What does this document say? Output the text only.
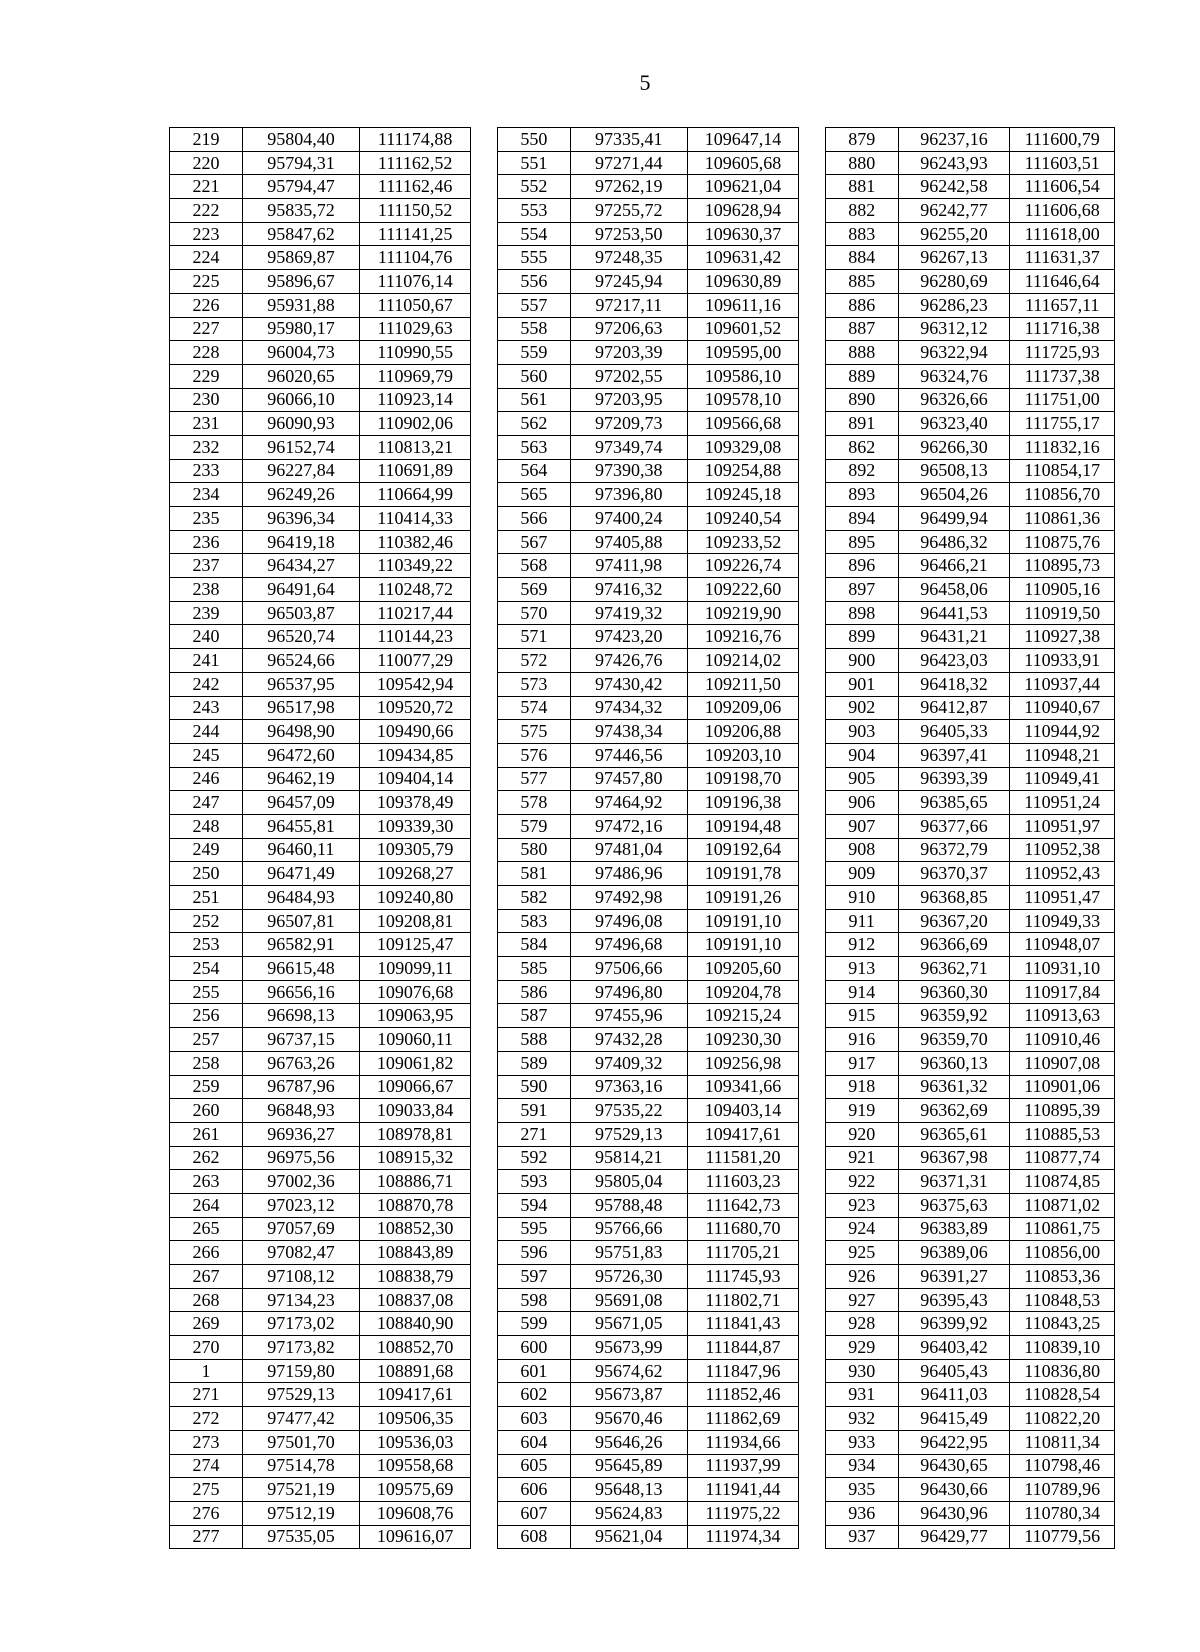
5
219	95804,40	111174,88		550	97335,41	109647,14		879	96237,16	111600,79
220	95794,31	111162,52		551	97271,44	109605,68		880	96243,93	111603,51
221	95794,47	111162,46		552	97262,19	109621,04		881	96242,58	111606,54
222	95835,72	111150,52		553	97255,72	109628,94		882	96242,77	111606,68
223	95847,62	111141,25		554	97253,50	109630,37		883	96255,20	111618,00
224	95869,87	111104,76		555	97248,35	109631,42		884	96267,13	111631,37
225	95896,67	111076,14		556	97245,94	109630,89		885	96280,69	111646,64
226	95931,88	111050,67		557	97217,11	109611,16		886	96286,23	111657,11
227	95980,17	111029,63		558	97206,63	109601,52		887	96312,12	111716,38
228	96004,73	110990,55		559	97203,39	109595,00		888	96322,94	111725,93
229	96020,65	110969,79		560	97202,55	109586,10		889	96324,76	111737,38
230	96066,10	110923,14		561	97203,95	109578,10		890	96326,66	111751,00
231	96090,93	110902,06		562	97209,73	109566,68		891	96323,40	111755,17
232	96152,74	110813,21		563	97349,74	109329,08		862	96266,30	111832,16
233	96227,84	110691,89		564	97390,38	109254,88		892	96508,13	110854,17
234	96249,26	110664,99		565	97396,80	109245,18		893	96504,26	110856,70
235	96396,34	110414,33		566	97400,24	109240,54		894	96499,94	110861,36
236	96419,18	110382,46		567	97405,88	109233,52		895	96486,32	110875,76
237	96434,27	110349,22		568	97411,98	109226,74		896	96466,21	110895,73
238	96491,64	110248,72		569	97416,32	109222,60		897	96458,06	110905,16
239	96503,87	110217,44		570	97419,32	109219,90		898	96441,53	110919,50
240	96520,74	110144,23		571	97423,20	109216,76		899	96431,21	110927,38
241	96524,66	110077,29		572	97426,76	109214,02		900	96423,03	110933,91
242	96537,95	109542,94		573	97430,42	109211,50		901	96418,32	110937,44
243	96517,98	109520,72		574	97434,32	109209,06		902	96412,87	110940,67
244	96498,90	109490,66		575	97438,34	109206,88		903	96405,33	110944,92
245	96472,60	109434,85		576	97446,56	109203,10		904	96397,41	110948,21
246	96462,19	109404,14		577	97457,80	109198,70		905	96393,39	110949,41
247	96457,09	109378,49		578	97464,92	109196,38		906	96385,65	110951,24
248	96455,81	109339,30		579	97472,16	109194,48		907	96377,66	110951,97
249	96460,11	109305,79		580	97481,04	109192,64		908	96372,79	110952,38
250	96471,49	109268,27		581	97486,96	109191,78		909	96370,37	110952,43
251	96484,93	109240,80		582	97492,98	109191,26		910	96368,85	110951,47
252	96507,81	109208,81		583	97496,08	109191,10		911	96367,20	110949,33
253	96582,91	109125,47		584	97496,68	109191,10		912	96366,69	110948,07
254	96615,48	109099,11		585	97506,66	109205,60		913	96362,71	110931,10
255	96656,16	109076,68		586	97496,80	109204,78		914	96360,30	110917,84
256	96698,13	109063,95		587	97455,96	109215,24		915	96359,92	110913,63
257	96737,15	109060,11		588	97432,28	109230,30		916	96359,70	110910,46
258	96763,26	109061,82		589	97409,32	109256,98		917	96360,13	110907,08
259	96787,96	109066,67		590	97363,16	109341,66		918	96361,32	110901,06
260	96848,93	109033,84		591	97535,22	109403,14		919	96362,69	110895,39
261	96936,27	108978,81		271	97529,13	109417,61		920	96365,61	110885,53
262	96975,56	108915,32		592	95814,21	111581,20		921	96367,98	110877,74
263	97002,36	108886,71		593	95805,04	111603,23		922	96371,31	110874,85
264	97023,12	108870,78		594	95788,48	111642,73		923	96375,63	110871,02
265	97057,69	108852,30		595	95766,66	111680,70		924	96383,89	110861,75
266	97082,47	108843,89		596	95751,83	111705,21		925	96389,06	110856,00
267	97108,12	108838,79		597	95726,30	111745,93		926	96391,27	110853,36
268	97134,23	108837,08		598	95691,08	111802,71		927	96395,43	110848,53
269	97173,02	108840,90		599	95671,05	111841,43		928	96399,92	110843,25
270	97173,82	108852,70		600	95673,99	111844,87		929	96403,42	110839,10
1	97159,80	108891,68		601	95674,62	111847,96		930	96405,43	110836,80
271	97529,13	109417,61		602	95673,87	111852,46		931	96411,03	110828,54
272	97477,42	109506,35		603	95670,46	111862,69		932	96415,49	110822,20
273	97501,70	109536,03		604	95646,26	111934,66		933	96422,95	110811,34
274	97514,78	109558,68		605	95645,89	111937,99		934	96430,65	110798,46
275	97521,19	109575,69		606	95648,13	111941,44		935	96430,66	110789,96
276	97512,19	109608,76		607	95624,83	111975,22		936	96430,96	110780,34
277	97535,05	109616,07		608	95621,04	111974,34		937	96429,77	110779,56
